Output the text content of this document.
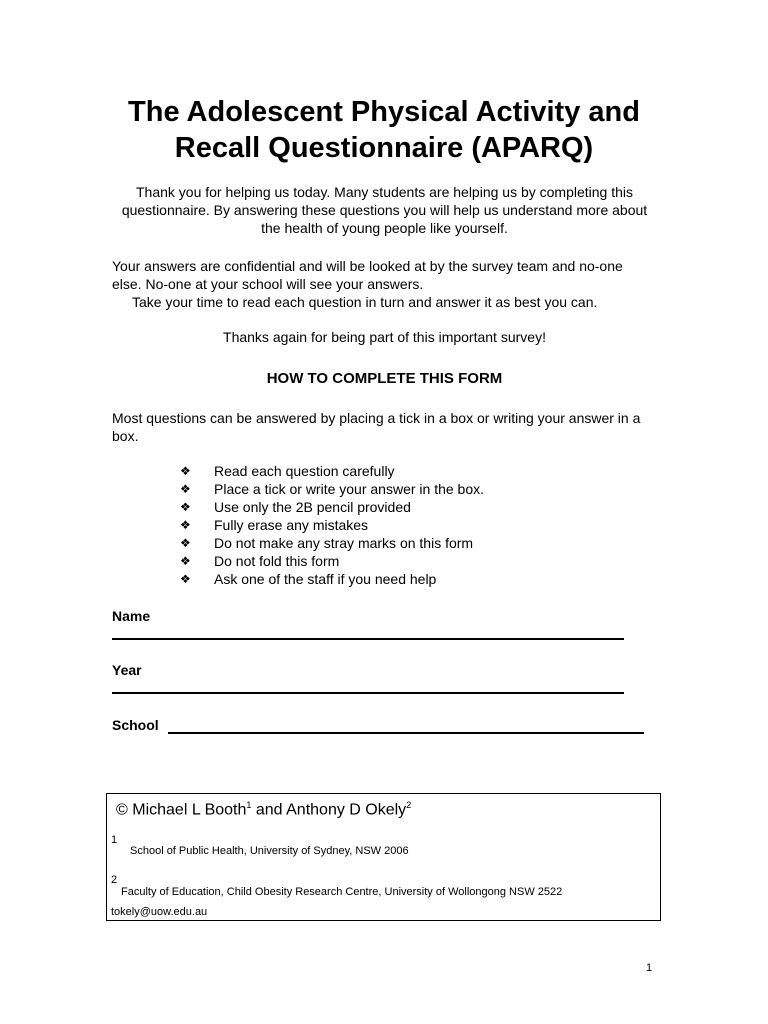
The Adolescent Physical Activity and
Recall Questionnaire (APARQ)

Thank you for helping us today. Many students are helping us by completing this questionnaire. By answering these questions you will help us understand more about the health of young people like yourself.

Your answers are confidential and will be looked at by the survey team and no-one else. No-one at your school will see your answers.
Take your time to read each question in turn and answer it as best you can.

Thanks again for being part of this important survey!

HOW TO COMPLETE THIS FORM

Most questions can be answered by placing a tick in a box or writing your answer in a box.

❖	Read each question carefully
❖	Place a tick or write your answer in the box.
❖	Use only the 2B pencil provided
❖	Fully erase any mistakes
❖	Do not make any stray marks on this form
❖	Do not fold this form
❖	Ask one of the staff if you need help
Name
Year
School
© Michael L Booth$^1$ and Anthony D Okely$^2$
1
School of Public Health, University of Sydney, NSW 2006
2
Faculty of Education, Child Obesity Research Centre, University of Wollongong NSW 2522
tokely@uow.edu.au
1
